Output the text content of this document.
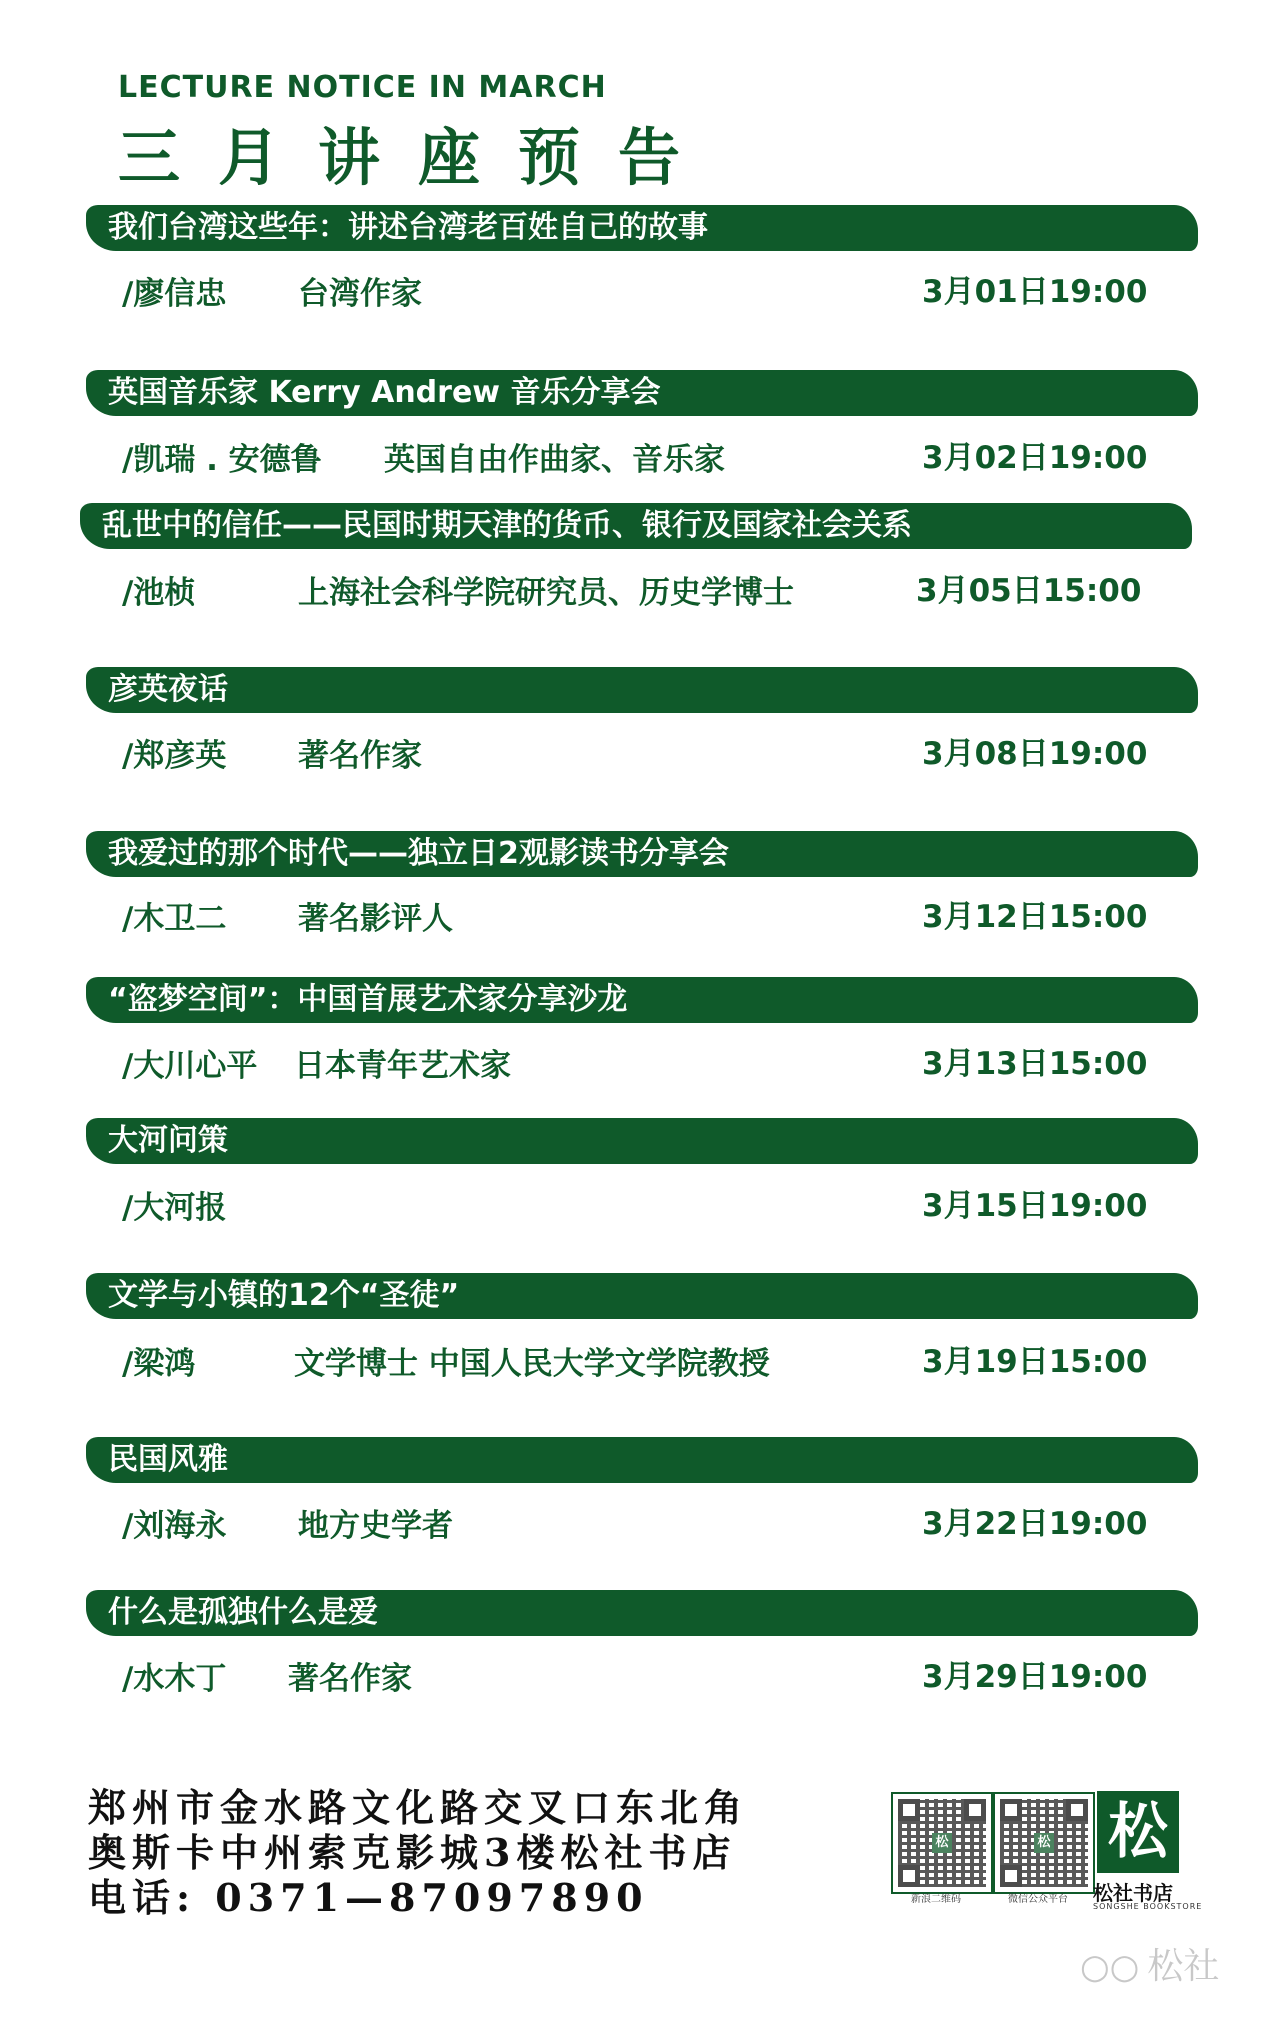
LECTURE NOTICE IN MARCH
三月讲座预告
我们台湾这些年：讲述台湾老百姓自己的故事
/廖信忠 台湾作家	3月01日19:00
英国音乐家 Kerry Andrew 音乐分享会
/凯瑞 . 安德鲁 英国自由作曲家、音乐家	3月02日19:00
乱世中的信任——民国时期天津的货币、银行及国家社会关系
/池桢	上海社会科学院研究员、历史学博士	3月05日15:00
彦英夜话
/郑彦英 著名作家	3月08日19:00
我爱过的那个时代——独立日2观影读书分享会
/木卫二 著名影评人	3月12日15:00
“盗梦空间”：中国首展艺术家分享沙龙
/大川心平 日本青年艺术家	3月13日15:00
大河问策
/大河报	3月15日19:00
文学与小镇的12个“圣徒”
/梁鸿	文学博士 中国人民大学文学院教授	3月19日15:00
民国风雅
/刘海永 地方史学者	3月22日19:00
什么是孤独什么是爱
/水木丁 著名作家	3月29日19:00
郑州市金水路文化路交叉口东北角
奥斯卡中州索克影城3楼松社书店
电话: 0371—87097890
松
新浪二维码
松
微信公众平台
松
松社书店
SONGSHE BOOKSTORE
○○ 松社
